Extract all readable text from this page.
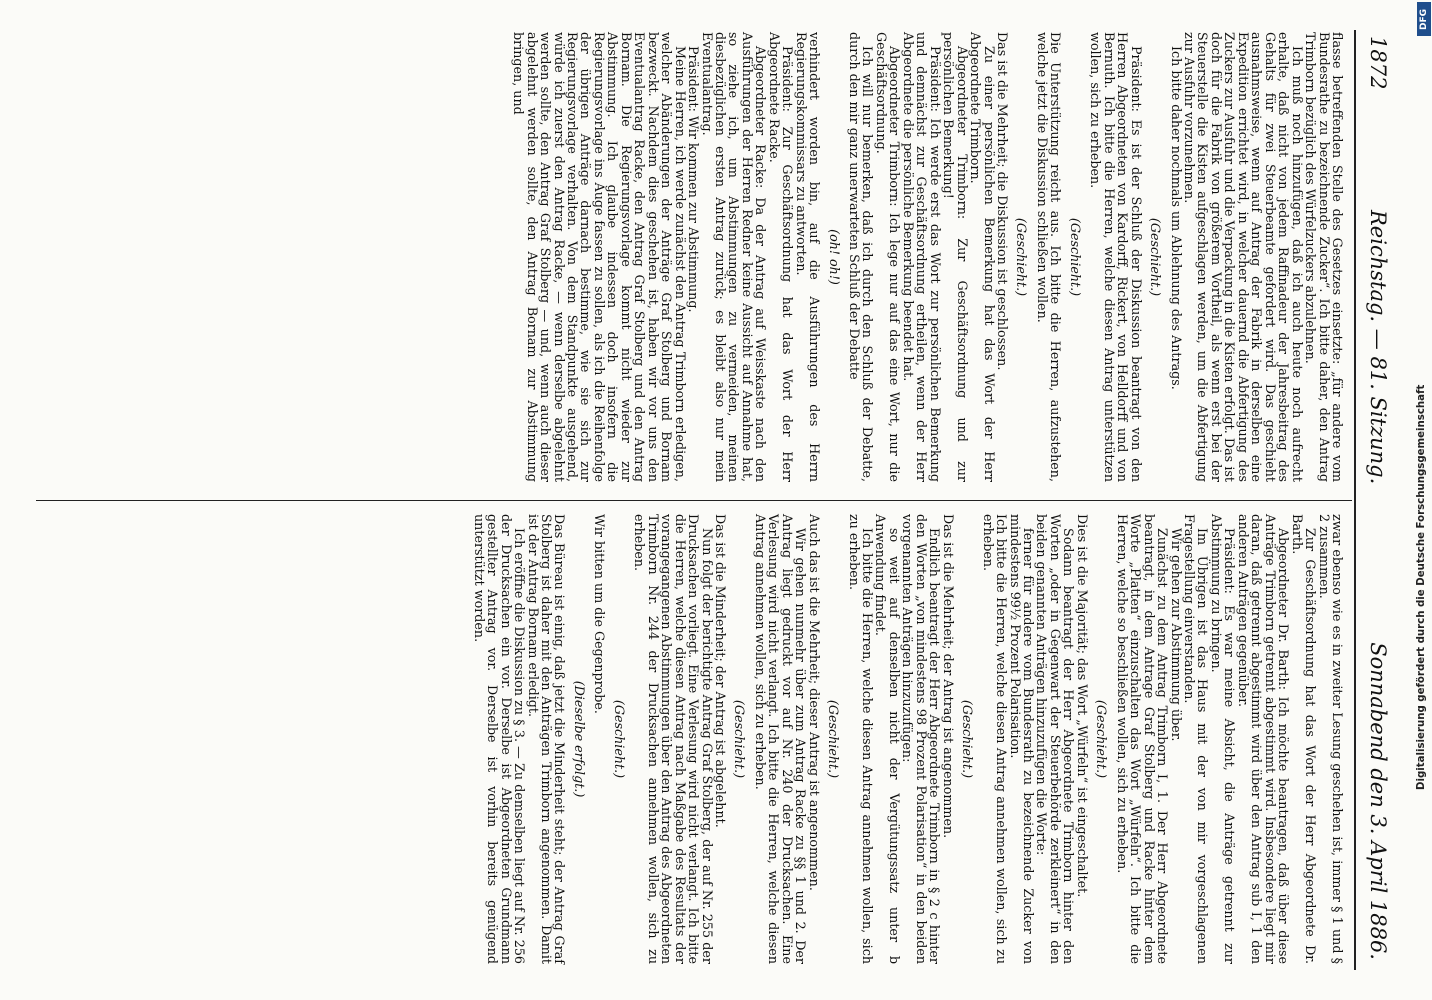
1872
Reichstag. — 81. Sitzung.
Sonnabend den 3. April 1886.

flasse betreffenden Stelle des Gesetzes einsetzte: „für andere vom Bundesrathe zu bezeichnende Zucker“. Ich bitte daher, den Antrag Trimborn bezüglich des Würfelzuckers abzulehnen.

Ich muß noch hinzufügen, daß ich auch heute noch aufrecht erhalte, daß nicht von jedem Raffinadeur der Jahresbeitrag des Gehalts für zwei Steuerbeamte gefordert wird. Das geschieht ausnahmsweise, wenn auf Antrag der Fabrik in derselben eine Expedition errichtet wird, in welcher dauernd die Abfertigung des Zuckers zur Ausfuhr und die Verpackung in die Kisten erfolgt. Das ist doch für die Fabrik von größerem Vortheil, als wenn erst bei der Steuerstelle die Kisten aufgeschlagen werden, um die Abfertigung zur Ausfuhr vorzunehmen.

Ich bitte daher nochmals um Ablehnung des Antrags.

(Geschieht.)

Präsident: Es ist der Schluß der Diskussion beantragt von den Herren Abgeordneten von Kardorff, Rickert, von Helldorff und von Bernuth. Ich bitte die Herren, welche diesen Antrag unterstützen wollen, sich zu erheben.

(Geschieht.)

Die Unterstützung reicht aus. Ich bitte die Herren, aufzustehen, welche jetzt die Diskussion schließen wollen.

(Geschieht.)

Das ist die Mehrheit; die Diskussion ist geschlossen.

Zu einer persönlichen Bemerkung hat das Wort der Herr Abgeordnete Trimborn.

Abgeordneter Trimborn: Zur Geschäftsordnung und zur persönlichen Bemerkung!

Präsident: Ich werde erst das Wort zur persönlichen Bemerkung und demnächst zur Geschäftsordnung ertheilen, wenn der Herr Abgeordnete die persönliche Bemerkung beendet hat.

Abgeordneter Trimborn: Ich lege nur auf das eine Wort, nur die Geschäftsordnung.

Ich will nur bemerken, daß ich durch den Schluß der Debatte, durch den mir ganz unerwarteten Schluß der Debatte

(oh! oh!)

verhindert worden bin, auf die Ausführungen des Herrn Regierungskommissars zu antworten.

Präsident: Zur Geschäftsordnung hat das Wort der Herr Abgeordnete Racke.

Abgeordneter Racke: Da der Antrag auf Weisskaste nach den Ausführungen der Herren Redner keine Aussicht auf Annahme hat, so ziehe ich, um Abstimmungen zu vermeiden, meinen diesbezüglichen ersten Antrag zurück; es bleibt also nur mein Eventualantrag.

Präsident: Wir kommen zur Abstimmung.

Meine Herren, ich werde zunächst den Antrag Trimborn erledigen, welcher Abänderungen der Anträge Graf Stolberg und Bornam bezweckt. Nachdem dies geschehen ist, haben wir vor uns den Eventualantrag Racke, den Antrag Graf Stolberg und den Antrag Bornam. Die Regierungsvorlage kommt nicht wieder zur Abstimmung. Ich glaube indessen doch insofern die Regierungsvorlage ins Auge fassen zu sollen, als ich die Reihenfolge der übrigen Anträge darnach bestimme, wie sie sich zur Regierungsvorlage verhalten. Von dem Standpunkte ausgehend, würde ich zuerst den Antrag Racke, — wenn derselbe abgelehnt werden sollte, den Antrag Graf Stolberg — und, wenn auch dieser abgelehnt werden sollte, den Antrag Bornam zur Abstimmung bringen, und

zwar ebenso wie es in zweiter Lesung geschehen ist, immer § 1 und § 2 zusammen.

Zur Geschäftsordnung hat das Wort der Herr Abgeordnete Dr. Barth.

Abgeordneter Dr. Barth: Ich möchte beantragen, daß über diese Anträge Trimborn getrennt abgestimmt wird. Insbesondere liegt mir daran, daß getrennt abgestimmt wird über den Antrag sub I, 1 den anderen Anträgen gegenüber.

Präsident: Es war meine Absicht, die Anträge getrennt zur Abstimmung zu bringen.

Im Übrigen ist das Haus mit der von mir vorgeschlagenen Fragestellung einverstanden.

Wir gehen zur Abstimmung über.

Zunächst zu dem Antrag Trimborn I, 1. Der Herr Abgeordnete beantragt, in dem Antrage Graf Stolberg und Racke hinter dem Worte „Platten“ einzuschalten das Wort „Würfeln“. Ich bitte die Herren, welche so beschließen wollen, sich zu erheben.

(Geschieht.)

Dies ist die Majorität; das Wort „Würfeln“ ist eingeschaltet.

Sodann beantragt der Herr Abgeordnete Trimborn hinter den Worten „oder in Gegenwart der Steuerbehörde zerkleinert“ in den beiden genannten Anträgen hinzuzufügen die Worte:

ferner für andere vom Bundesrath zu bezeichnende Zucker von mindestens 99½ Prozent Polarisation.

Ich bitte die Herren, welche diesen Antrag annehmen wollen, sich zu erheben.

(Geschieht.)

Das ist die Mehrheit; der Antrag ist angenommen.

Endlich beantragt der Herr Abgeordnete Trimborn in § 2 c hinter den Worten „von mindestens 98 Prozent Polarisation“ in den beiden vorgenannten Anträgen hinzuzufügen:

so weit auf denselben nicht der Vergütungssatz unter b Anwendung findet.

Ich bitte die Herren, welche diesen Antrag annehmen wollen, sich zu erheben.

(Geschieht.)

Auch das ist die Mehrheit; dieser Antrag ist angenommen.

Wir gehen nunmehr über zum Antrag Racke zu §§ 1 und 2. Der Antrag liegt gedruckt vor auf Nr. 240 der Drucksachen. Eine Verlesung wird nicht verlangt. Ich bitte die Herren, welche diesen Antrag annehmen wollen, sich zu erheben.

(Geschieht.)

Das ist die Minderheit; der Antrag ist abgelehnt.

Nun folgt der berichtigte Antrag Graf Stolberg, der auf Nr. 255 der Drucksachen vorliegt. Eine Verlesung wird nicht verlangt. Ich bitte die Herren, welche diesen Antrag nach Maßgabe des Resultats der vorangegangenen Abstimmungen über den Antrag des Abgeordneten Trimborn Nr. 244 der Drucksachen annehmen wollen, sich zu erheben.

(Geschieht.)

Wir bitten um die Gegenprobe.

(Dieselbe erfolgt.)

Das Büreau ist einig, daß jetzt die Minderheit steht; der Antrag Graf Stolberg ist daher mit den Anträgen Trimborn angenommen. Damit ist der Antrag Bornam erledigt.

Ich eröffne die Diskussion zu § 3. — Zu demselben liegt auf Nr. 256 der Drucksachen ein vor. Derselbe ist Abgeordneten Grundmann gestellter Antrag vor. Derselbe ist vorhin bereits genügend unterstützt worden.

DFG
Digitalisierung gefördert durch die Deutsche Forschungsgemeinschaft
